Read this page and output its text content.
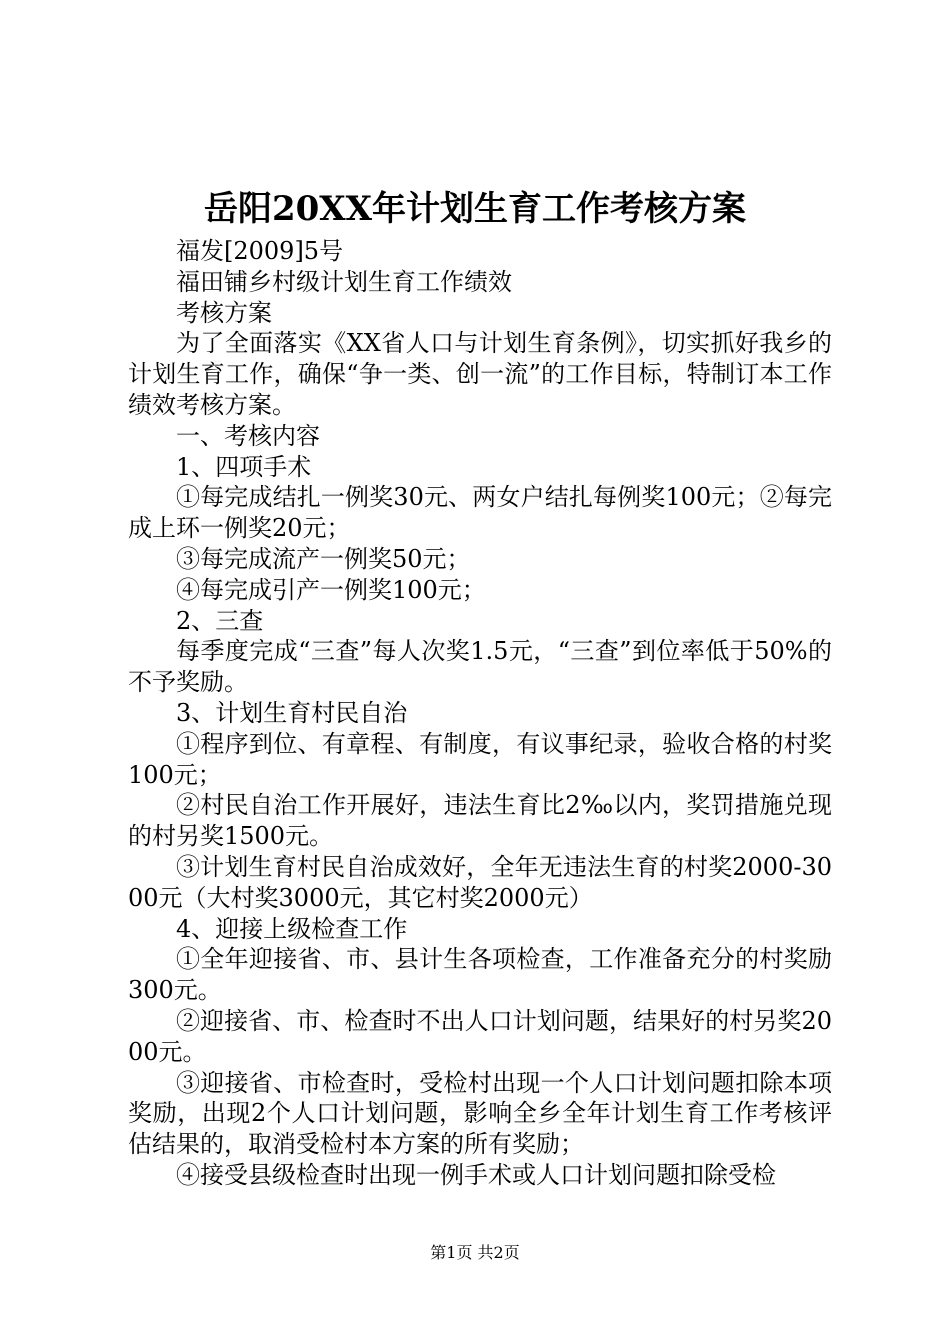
岳阳20XX年计划生育工作考核方案

福发[2009]5号

福田铺乡村级计划生育工作绩效

考核方案

为了全面落实《XX省人口与计划生育条例》，切实抓好我乡的计划生育工作，确保“争一类、创一流”的工作目标，特制订本工作绩效考核方案。

一、考核内容

1、四项手术

①每完成结扎一例奖30元、两女户结扎每例奖100元；②每完成上环一例奖20元；

③每完成流产一例奖50元；

④每完成引产一例奖100元；

2、三查

每季度完成“三查”每人次奖1.5元，“三查”到位率低于50%的不予奖励。

3、计划生育村民自治

①程序到位、有章程、有制度，有议事纪录，验收合格的村奖100元；

②村民自治工作开展好，违法生育比2‰以内，奖罚措施兑现的村另奖1500元。

③计划生育村民自治成效好，全年无违法生育的村奖2000-3000元（大村奖3000元，其它村奖2000元）

4、迎接上级检查工作

①全年迎接省、市、县计生各项检查，工作准备充分的村奖励300元。

②迎接省、市、检查时不出人口计划问题，结果好的村另奖2000元。

③迎接省、市检查时，受检村出现一个人口计划问题扣除本项奖励，出现2个人口计划问题，影响全乡全年计划生育工作考核评估结果的，取消受检村本方案的所有奖励；

④接受县级检查时出现一例手术或人口计划问题扣除受检

第1页 共2页
